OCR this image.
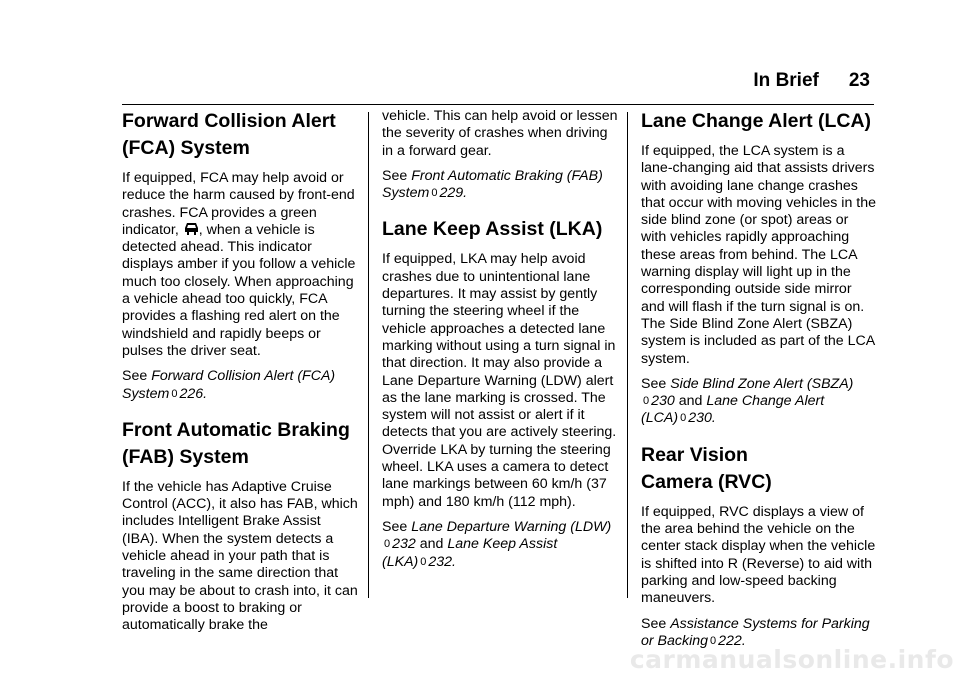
In Brief 23
Forward Collision Alert
(FCA) System

If equipped, FCA may help avoid or reduce the harm caused by front-end crashes. FCA provides a green indicator, , when a vehicle is detected ahead. This indicator displays amber if you follow a vehicle much too closely. When approaching a vehicle ahead too quickly, FCA provides a flashing red alert on the windshield and rapidly beeps or pulses the driver seat.

See Forward Collision Alert (FCA) System 0 226.

Front Automatic Braking
(FAB) System

If the vehicle has Adaptive Cruise Control (ACC), it also has FAB, which includes Intelligent Brake Assist (IBA). When the system detects a vehicle ahead in your path that is traveling in the same direction that you may be about to crash into, it can provide a boost to braking or automatically brake the

vehicle. This can help avoid or lessen the severity of crashes when driving in a forward gear.

See Front Automatic Braking (FAB) System 0 229.

Lane Keep Assist (LKA)

If equipped, LKA may help avoid crashes due to unintentional lane departures. It may assist by gently turning the steering wheel if the vehicle approaches a detected lane marking without using a turn signal in that direction. It may also provide a Lane Departure Warning (LDW) alert as the lane marking is crossed. The system will not assist or alert if it detects that you are actively steering. Override LKA by turning the steering wheel. LKA uses a camera to detect lane markings between 60 km/h (37 mph) and 180 km/h (112 mph).

See Lane Departure Warning (LDW)
0 232 and Lane Keep Assist (LKA) 0 232.

Lane Change Alert (LCA)

If equipped, the LCA system is a lane-changing aid that assists drivers with avoiding lane change crashes that occur with moving vehicles in the side blind zone (or spot) areas or with vehicles rapidly approaching these areas from behind. The LCA warning display will light up in the corresponding outside side mirror and will flash if the turn signal is on. The Side Blind Zone Alert (SBZA) system is included as part of the LCA system.

See Side Blind Zone Alert (SBZA)
0 230 and Lane Change Alert (LCA) 0 230.

Rear Vision
Camera (RVC)

If equipped, RVC displays a view of the area behind the vehicle on the center stack display when the vehicle is shifted into R (Reverse) to aid with parking and low-speed backing maneuvers.

See Assistance Systems for Parking or Backing 0 222.

carmanualsonline.info
